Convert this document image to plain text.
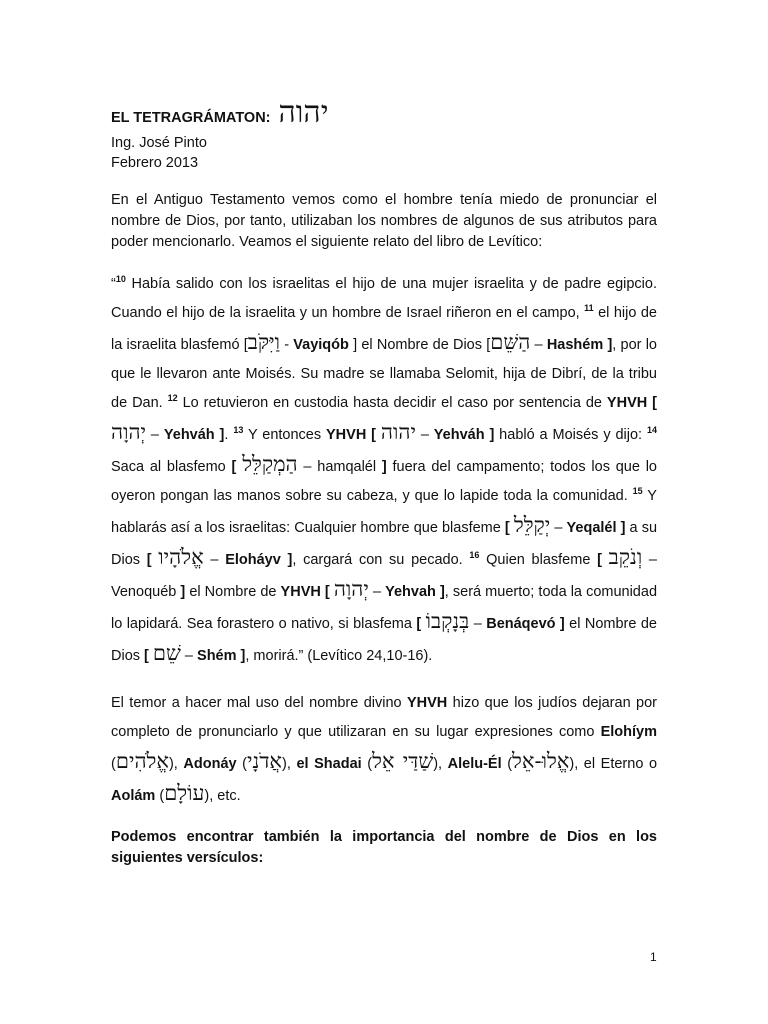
EL TETRAGRÁMATON: יהוה
Ing. José Pinto
Febrero 2013

En el Antiguo Testamento vemos como el hombre tenía miedo de pronunciar el nombre de Dios, por tanto, utilizaban los nombres de algunos de sus atributos para poder mencionarlo. Veamos el siguiente relato del libro de Levítico:

“$^{10}$ Había salido con los israelitas el hijo de una mujer israelita y de padre egipcio. Cuando el hijo de la israelita y un hombre de Israel riñeron en el campo, $^{11}$ el hijo de la israelita blasfemó [וַיִּקֹּב - Vayiqób ] el Nombre de Dios [הַשֵּׁם – Hashém ], por lo que le llevaron ante Moisés. Su madre se llamaba Selomit, hija de Dibrí, de la tribu de Dan. $^{12}$ Lo retuvieron en custodia hasta decidir el caso por sentencia de YHVH [ יְהוָה – Yehváh ]. $^{13}$ Y entonces YHVH [ יהוה – Yehváh ] habló a Moisés y dijo: $^{14}$ Saca al blasfemo [ הַמְקַלֵּל – hamqalél ] fuera del campamento; todos los que lo oyeron pongan las manos sobre su cabeza, y que lo lapide toda la comunidad. $^{15}$ Y hablarás así a los israelitas: Cualquier hombre que blasfeme [ יְקַלֵּל – Yeqalél ] a su Dios [ אֱלֹהָיו – Eloháyv ], cargará con su pecado. $^{16}$ Quien blasfeme [ וְנֹקֵב – Venoquéb ] el Nombre de YHVH [ יְהוָה – Yehvah ], será muerto; toda la comunidad lo lapidará. Sea forastero o nativo, si blasfema [ בְּנָקְבוֹ – Benáqevó ] el Nombre de Dios [ שֵׁם – Shém ], morirá.” (Levítico 24,10-16).

El temor a hacer mal uso del nombre divino YHVH hizo que los judíos dejaran por completo de pronunciarlo y que utilizaran en su lugar expresiones como Elohíym (אֱלֹהִים), Adonáy (אֲדֹנָי), el Shadai (שַׁדַּי אֵל), Alelu-Él (אֱלוּ-אֵל), el Eterno o Aolám (עוֹלָם), etc.

Podemos encontrar también la importancia del nombre de Dios en los siguientes versículos:

1
